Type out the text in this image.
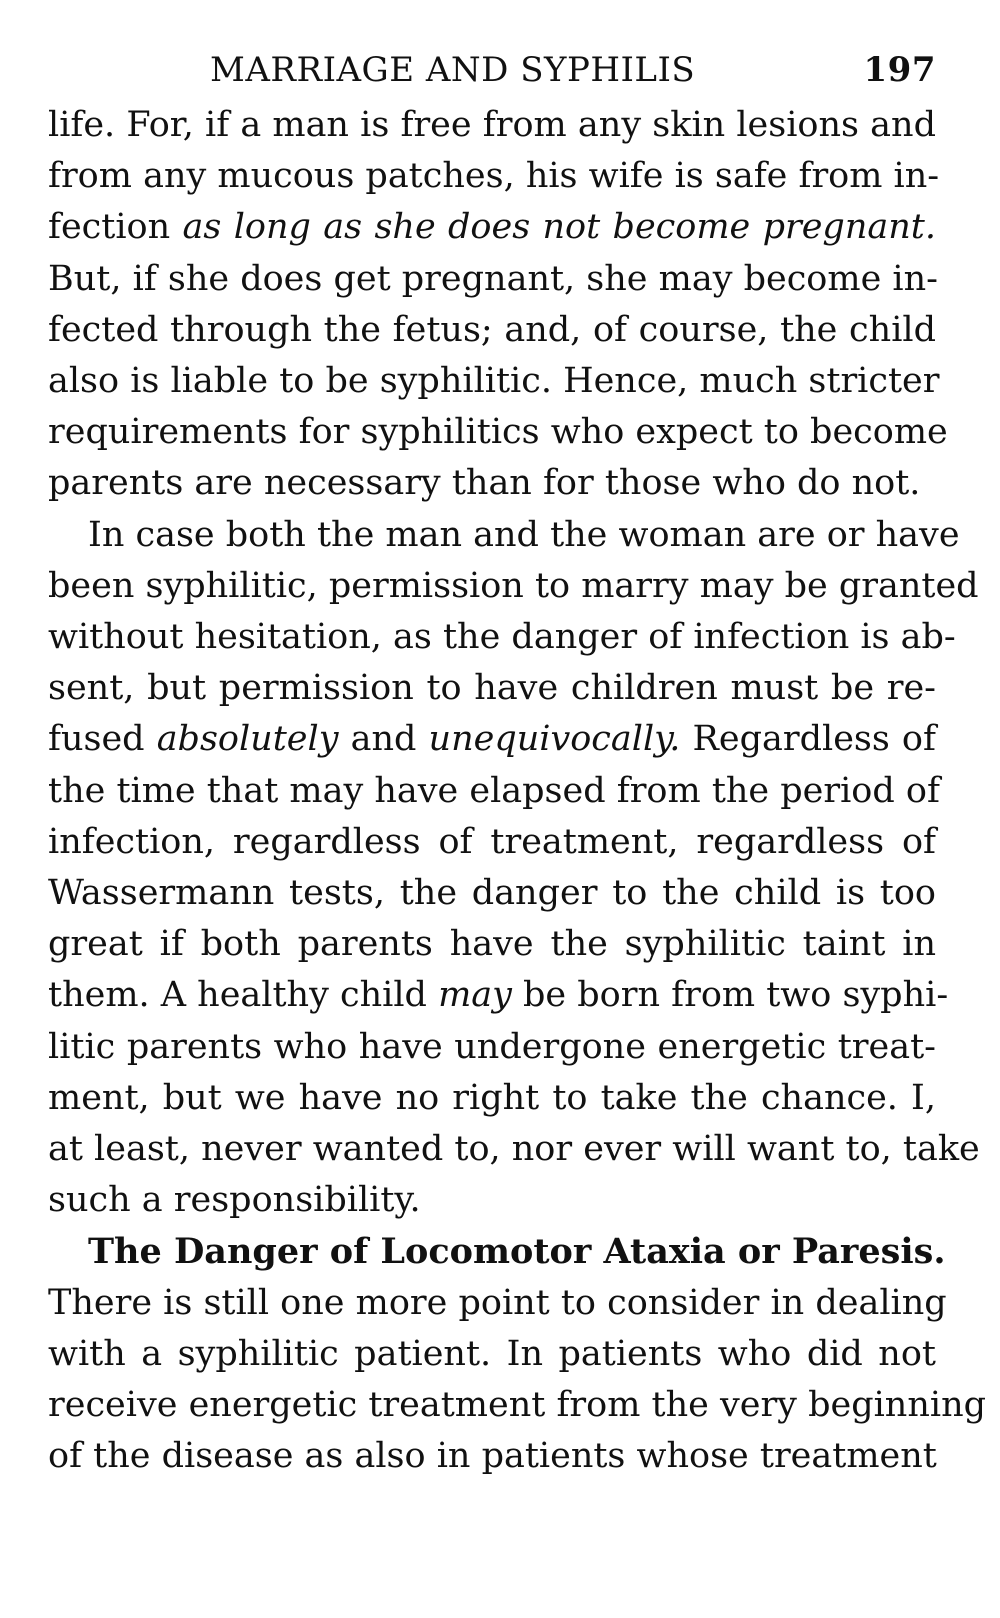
MARRIAGE AND SYPHILIS	197
life. For, if a man is free from any skin lesions and
from any mucous patches, his wife is safe from in-
fection as long as she does not become pregnant.
But, if she does get pregnant, she may become in-
fected through the fetus; and, of course, the child
also is liable to be syphilitic. Hence, much stricter
requirements for syphilitics who expect to become
parents are necessary than for those who do not.
In case both the man and the woman are or have
been syphilitic, permission to marry may be granted
without hesitation, as the danger of infection is ab-
sent, but permission to have children must be re-
fused absolutely and unequivocally. Regardless of
the time that may have elapsed from the period of
infection, regardless of treatment, regardless of
Wassermann tests, the danger to the child is too
great if both parents have the syphilitic taint in
them. A healthy child may be born from two syphi-
litic parents who have undergone energetic treat-
ment, but we have no right to take the chance. I,
at least, never wanted to, nor ever will want to, take
such a responsibility.
The Danger of Locomotor Ataxia or Paresis.
There is still one more point to consider in dealing
with a syphilitic patient. In patients who did not
receive energetic treatment from the very beginning
of the disease as also in patients whose treatment
